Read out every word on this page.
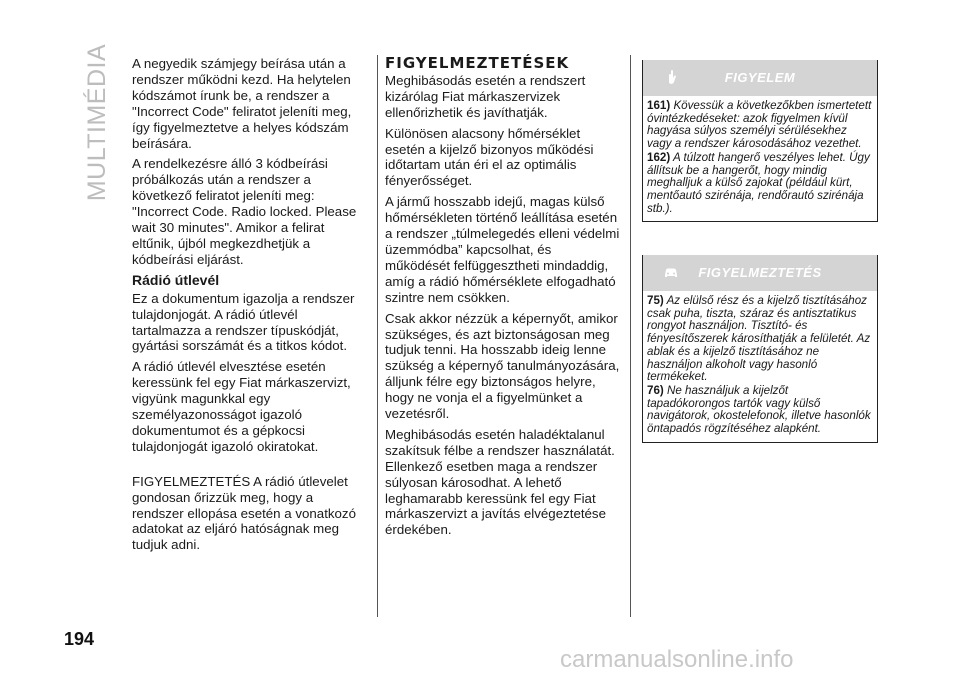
MULTIMÉDIA A negyedik számjegy beírása után a rendszer működni kezd. Ha helytelen kódszámot írunk be, a rendszer a "Incorrect Code" feliratot jeleníti meg, így figyelmeztetve a helyes kódszám beírására.

A rendelkezésre álló 3 kódbeírási próbálkozás után a rendszer a következő feliratot jeleníti meg: "Incorrect Code. Radio locked. Please wait 30 minutes". Amikor a felirat eltűnik, újból megkezdhetjük a kódbeírási eljárást.

Rádió útlevél

Ez a dokumentum igazolja a rendszer tulajdonjogát. A rádió útlevél tartalmazza a rendszer típuskódját, gyártási sorszámát és a titkos kódot.

A rádió útlevél elvesztése esetén keressünk fel egy Fiat márkaszervizt, vigyünk magunkkal egy személyazonosságot igazoló dokumentumot és a gépkocsi tulajdonjogát igazoló okiratokat.

FIGYELMEZTETÉS A rádió útlevelet gondosan őrizzük meg, hogy a rendszer ellopása esetén a vonatkozó adatokat az eljáró hatóságnak meg tudjuk adni.

FIGYELMEZTETÉSEK

Meghibásodás esetén a rendszert kizárólag Fiat márkaszervizek ellenőrizhetik és javíthatják.

Különösen alacsony hőmérséklet esetén a kijelző bizonyos működési időtartam után éri el az optimális fényerősséget.

A jármű hosszabb idejű, magas külső hőmérsékleten történő leállítása esetén a rendszer „túlmelegedés elleni védelmi üzemmódba” kapcsolhat, és működését felfüggesztheti mindaddig, amíg a rádió hőmérséklete elfogadható szintre nem csökken.

Csak akkor nézzük a képernyőt, amikor szükséges, és azt biztonságosan meg tudjuk tenni. Ha hosszabb ideig lenne szükség a képernyő tanulmányozására, álljunk félre egy biztonságos helyre, hogy ne vonja el a figyelmünket a vezetésről.

Meghibásodás esetén haladéktalanul szakítsuk félbe a rendszer használatát. Ellenkező esetben maga a rendszer súlyosan károsodhat. A lehető leghamarabb keressünk fel egy Fiat márkaszervizt a javítás elvégeztetése érdekében.

FIGYELEM

161) Kövessük a következőkben ismertetett óvintézkedéseket: azok figyelmen kívül hagyása súlyos személyi sérülésekhez vagy a rendszer károsodásához vezethet.

162) A túlzott hangerő veszélyes lehet. Úgy állítsuk be a hangerőt, hogy mindig meghalljuk a külső zajokat (például kürt, mentőautó szirénája, rendőrautó szirénája stb.).

FIGYELMEZTETÉS

75) Az elülső rész és a kijelző tisztításához csak puha, tiszta, száraz és antisztatikus rongyot használjon. Tisztító- és fényesítőszerek károsíthatják a felületét. Az ablak és a kijelző tisztításához ne használjon alkoholt vagy hasonló termékeket.

76) Ne használjuk a kijelzőt tapadókorongos tartók vagy külső navigátorok, okostelefonok, illetve hasonlók öntapadós rögzítéséhez alapként.

194
carmanualsonline.info
